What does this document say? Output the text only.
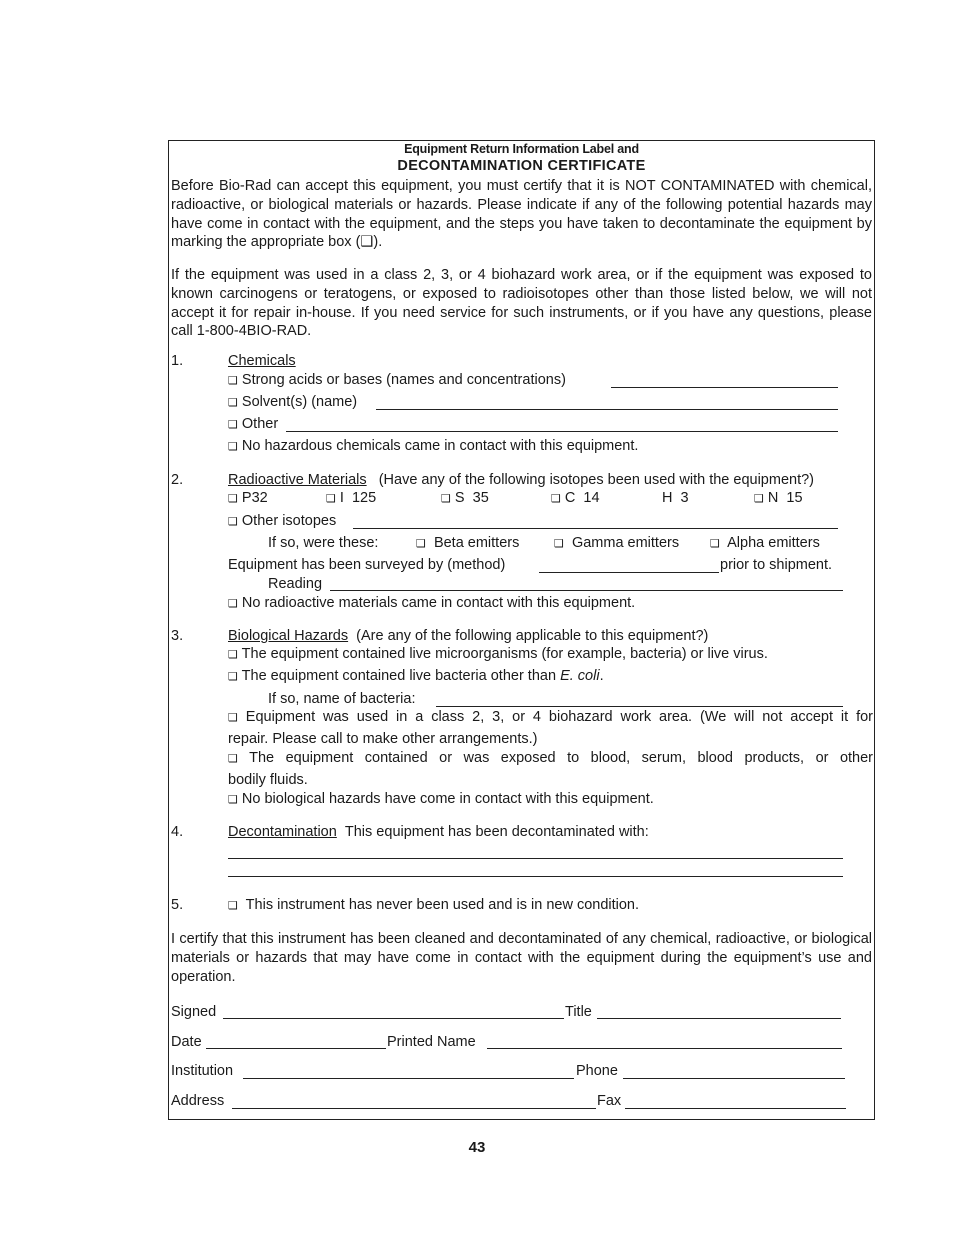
Equipment Return Information Label and
DECONTAMINATION CERTIFICATE
Before Bio-Rad can accept this equipment, you must certify that it is NOT CONTAMINATED with chemical, radioactive, or biological materials or hazards. Please indicate if any of the following potential hazards may have come in contact with the equipment, and the steps you have taken to decontaminate the equipment by marking the appropriate box (❑).
If the equipment was used in a class 2, 3, or 4 biohazard work area, or if the equipment was exposed to known carcinogens or teratogens, or exposed to radioisotopes other than those listed below, we will not accept it for repair in-house. If you need service for such instruments, or if you have any questions, please call 1-800-4BIO-RAD.
1.	Chemicals
❑ Strong acids or bases (names and concentrations)
❑ Solvent(s) (name)
❑ Other
❑ No hazardous chemicals came in contact with this equipment.
2.	Radioactive Materials (Have any of the following isotopes been used with the equipment?)
❑ P32	❑ I  125	❑ S  35	❑ C  14	H  3	❑ N  15
❑ Other isotopes
If so, were these:	❑ Beta emitters	❑ Gamma emitters	❑ Alpha emitters
Equipment has been surveyed by (method)	prior to shipment.
Reading
❑ No radioactive materials came in contact with this equipment.
3.	Biological Hazards (Are any of the following applicable to this equipment?)
❑ The equipment contained live microorganisms (for example, bacteria) or live virus.
❑ The equipment contained live bacteria other than E. coli.
If so, name of bacteria:
❑ Equipment was used in a class 2, 3, or 4 biohazard work area. (We will not accept it for
repair. Please call to make other arrangements.)
❑ The equipment contained or was exposed to blood, serum, blood products, or other
bodily fluids.
❑ No biological hazards have come in contact with this equipment.
4.	Decontamination This equipment has been decontaminated with:
5.	❑ This instrument has never been used and is in new condition.
I certify that this instrument has been cleaned and decontaminated of any chemical, radioactive, or biological materials or hazards that may have come in contact with the equipment during the equipment’s use and operation.
Signed	Title
Date	Printed Name
Institution	Phone
Address	Fax
43
